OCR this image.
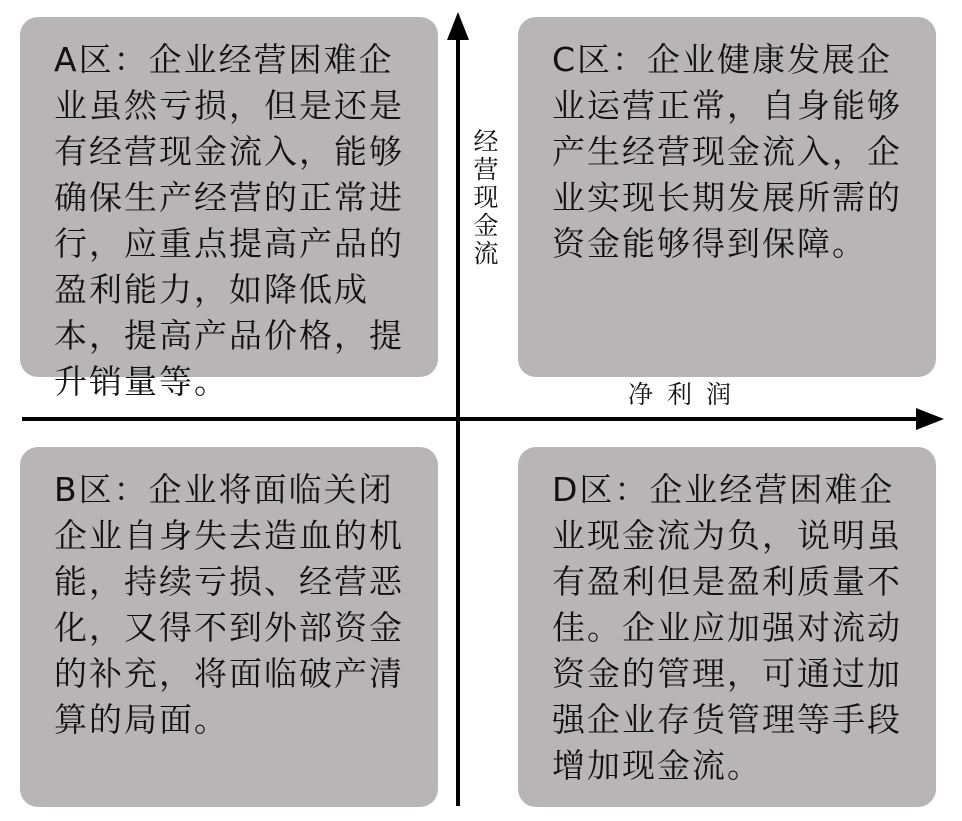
A区：企业经营困难企
业虽然亏损，但是还是
有经营现金流入，能够
确保生产经营的正常进
行，应重点提高产品的
盈利能力，如降低成
本，提高产品价格，提
升销量等。
C区：企业健康发展企
业运营正常，自身能够
产生经营现金流入，企
业实现长期发展所需的
资金能够得到保障。
B区：企业将面临关闭
企业自身失去造血的机
能，持续亏损、经营恶
化，又得不到外部资金
的补充，将面临破产清
算的局面。
D区：企业经营困难企
业现金流为负，说明虽
有盈利但是盈利质量不
佳。企业应加强对流动
资金的管理，可通过加
强企业存货管理等手段
增加现金流。
经营现金流
净利润
